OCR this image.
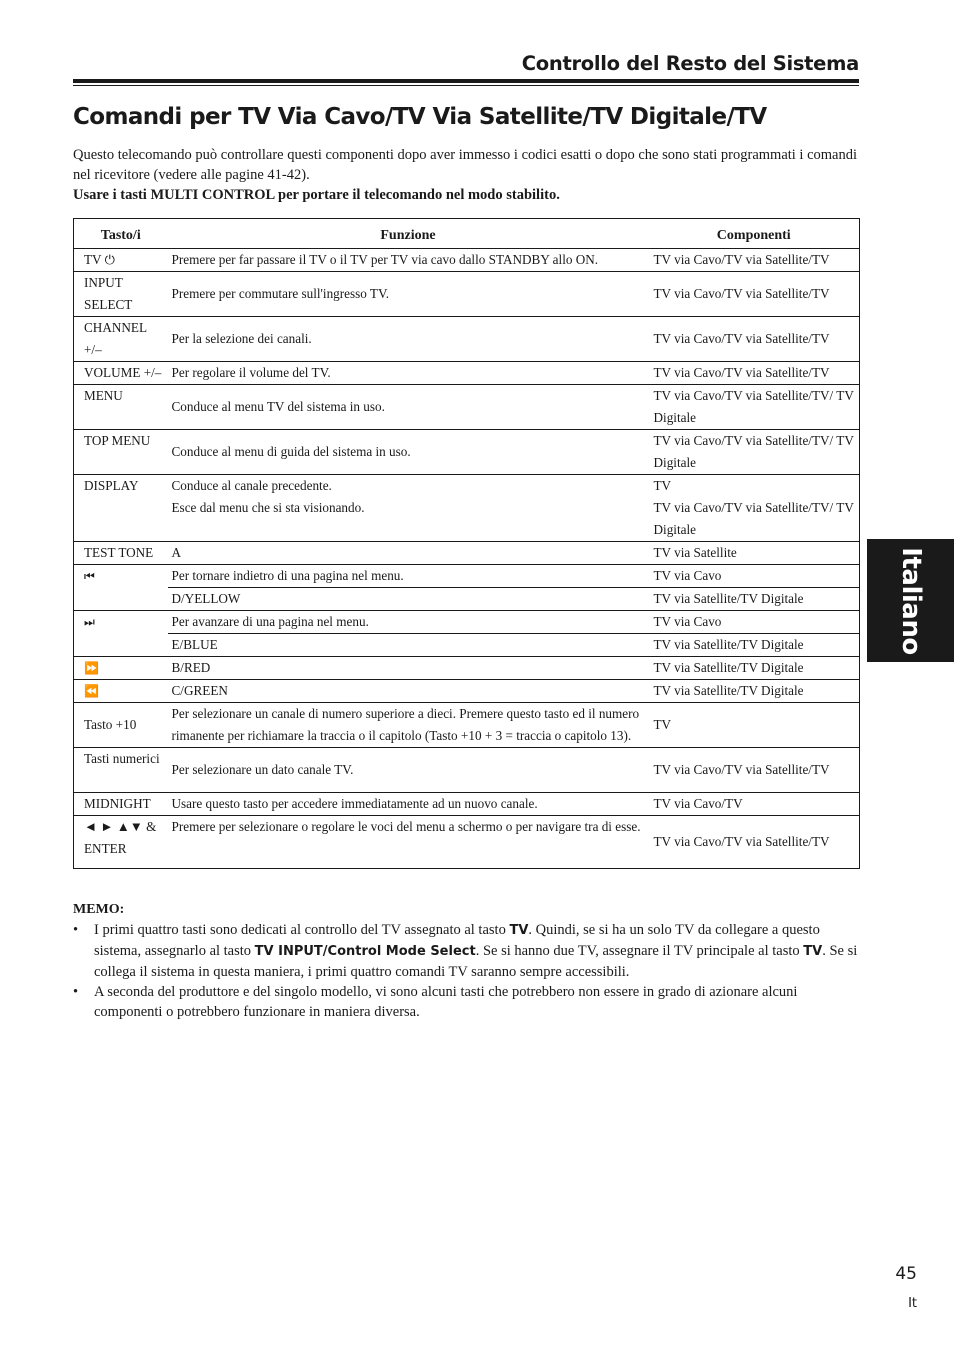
Controllo del Resto del Sistema
Comandi per TV Via Cavo/TV Via Satellite/TV Digitale/TV
Questo telecomando può controllare questi componenti dopo aver immesso i codici esatti o dopo che sono stati programmati i comandi nel ricevitore (vedere alle pagine 41-42).
Usare i tasti MULTI CONTROL per portare il telecomando nel modo stabilito.
Tasto/i	Funzione	Componenti
TV ⏻	Premere per far passare il TV o il TV per TV via cavo dallo STANDBY allo ON.	TV via Cavo/TV via Satellite/TV
INPUT SELECT	Premere per commutare sull'ingresso TV.	TV via Cavo/TV via Satellite/TV
CHANNEL +/–	Per la selezione dei canali.	TV via Cavo/TV via Satellite/TV
VOLUME +/–	Per regolare il volume del TV.	TV via Cavo/TV via Satellite/TV
MENU	Conduce al menu TV del sistema in uso.	TV via Cavo/TV via Satellite/TV/ TV Digitale
TOP MENU	Conduce al menu di guida del sistema in uso.	TV via Cavo/TV via Satellite/TV/ TV Digitale
DISPLAY	Conduce al canale precedente.	TV
	Esce dal menu che si sta visionando.	TV via Cavo/TV via Satellite/TV/ TV Digitale
TEST TONE	A	TV via Satellite
⏮	Per tornare indietro di una pagina nel menu.	TV via Cavo
	D/YELLOW	TV via Satellite/TV Digitale
⏭	Per avanzare di una pagina nel menu.	TV via Cavo
	E/BLUE	TV via Satellite/TV Digitale
⏩	B/RED	TV via Satellite/TV Digitale
⏪	C/GREEN	TV via Satellite/TV Digitale
Tasto +10	Per selezionare un canale di numero superiore a dieci. Premere questo tasto ed il numero rimanente per richiamare la traccia o il capitolo (Tasto +10 + 3 = traccia o capitolo 13).	TV
Tasti numerici	Per selezionare un dato canale TV.	TV via Cavo/TV via Satellite/TV
MIDNIGHT	Usare questo tasto per accedere immediatamente ad un nuovo canale.	TV via Cavo/TV
◄ ► ▲▼ & ENTER	Premere per selezionare o regolare le voci del menu a schermo o per navigare tra di esse.	TV via Cavo/TV via Satellite/TV
MEMO:
• I primi quattro tasti sono dedicati al controllo del TV assegnato al tasto TV. Quindi, se si ha un solo TV da collegare a questo sistema, assegnarlo al tasto TV INPUT/Control Mode Select. Se si hanno due TV, assegnare il TV principale al tasto TV. Se si collega il sistema in questa maniera, i primi quattro comandi TV saranno sempre accessibili.
• A seconda del produttore e del singolo modello, vi sono alcuni tasti che potrebbero non essere in grado di azionare alcuni componenti o potrebbero funzionare in maniera diversa.
Italiano
45
It
